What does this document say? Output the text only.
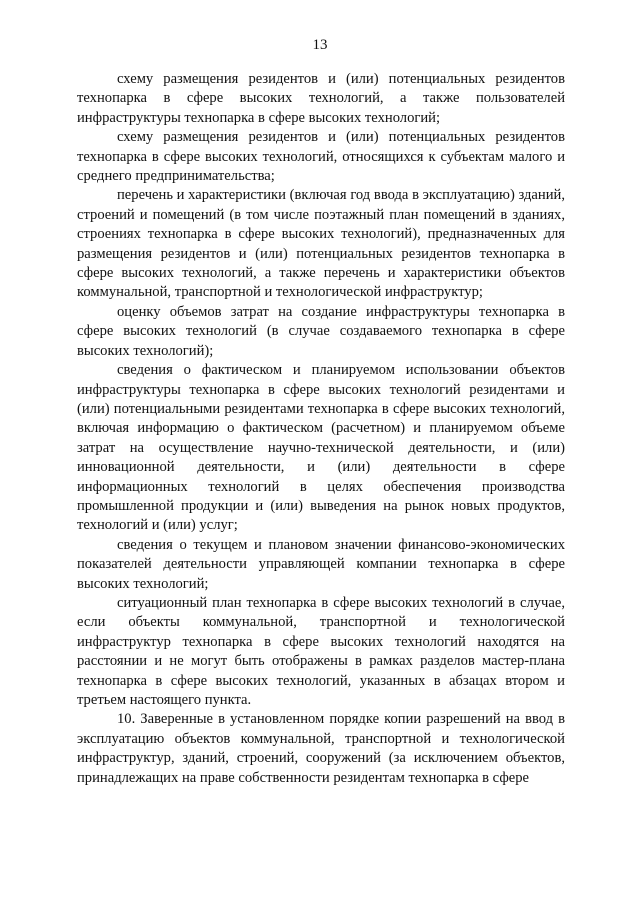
13

схему размещения резидентов и (или) потенциальных резидентов технопарка в сфере высоких технологий, а также пользователей инфраструктуры технопарка в сфере высоких технологий;

схему размещения резидентов и (или) потенциальных резидентов технопарка в сфере высоких технологий, относящихся к субъектам малого и среднего предпринимательства;

перечень и характеристики (включая год ввода в эксплуатацию) зданий, строений и помещений (в том числе поэтажный план помещений в зданиях, строениях технопарка в сфере высоких технологий), предназначенных для размещения резидентов и (или) потенциальных резидентов технопарка в сфере высоких технологий, а также перечень и характеристики объектов коммунальной, транспортной и технологической инфраструктур;

оценку объемов затрат на создание инфраструктуры технопарка в сфере высоких технологий (в случае создаваемого технопарка в сфере высоких технологий);

сведения о фактическом и планируемом использовании объектов инфраструктуры технопарка в сфере высоких технологий резидентами и (или) потенциальными резидентами технопарка в сфере высоких технологий, включая информацию о фактическом (расчетном) и планируемом объеме затрат на осуществление научно-технической деятельности, и (или) инновационной деятельности, и (или) деятельности в сфере информационных технологий в целях обеспечения производства промышленной продукции и (или) выведения на рынок новых продуктов, технологий и (или) услуг;

сведения о текущем и плановом значении финансово-экономических показателей деятельности управляющей компании технопарка в сфере высоких технологий;

ситуационный план технопарка в сфере высоких технологий в случае, если объекты коммунальной, транспортной и технологической инфраструктур технопарка в сфере высоких технологий находятся на расстоянии и не могут быть отображены в рамках разделов мастер-плана технопарка в сфере высоких технологий, указанных в абзацах втором и третьем настоящего пункта.

10. Заверенные в установленном порядке копии разрешений на ввод в эксплуатацию объектов коммунальной, транспортной и технологической инфраструктур, зданий, строений, сооружений (за исключением объектов, принадлежащих на праве собственности резидентам технопарка в сфере
